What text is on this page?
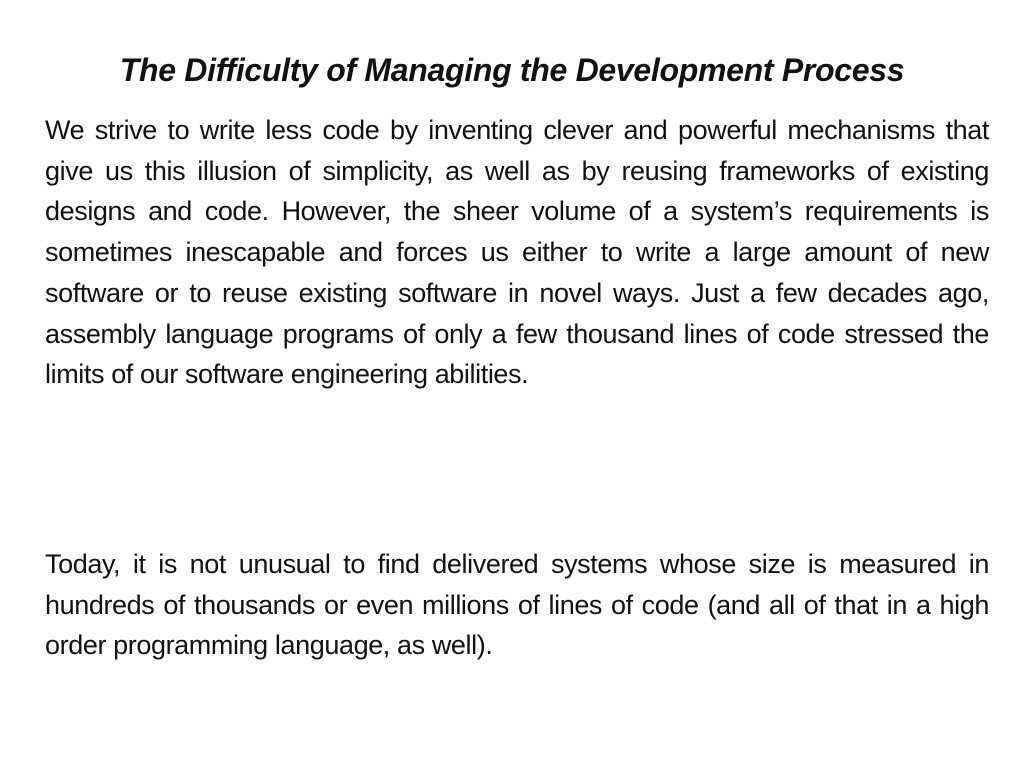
The Difficulty of Managing the Development Process

We strive to write less code by inventing clever and powerful mechanisms that give us this illusion of simplicity, as well as by reusing frameworks of existing designs and code. However, the sheer volume of a system’s requirements is sometimes inescapable and forces us either to write a large amount of new software or to reuse existing software in novel ways. Just a few decades ago, assembly language programs of only a few thousand lines of code stressed the limits of our software engineering abilities.

Today, it is not unusual to find delivered systems whose size is measured in hundreds of thousands or even millions of lines of code (and all of that in a high order programming language, as well).
